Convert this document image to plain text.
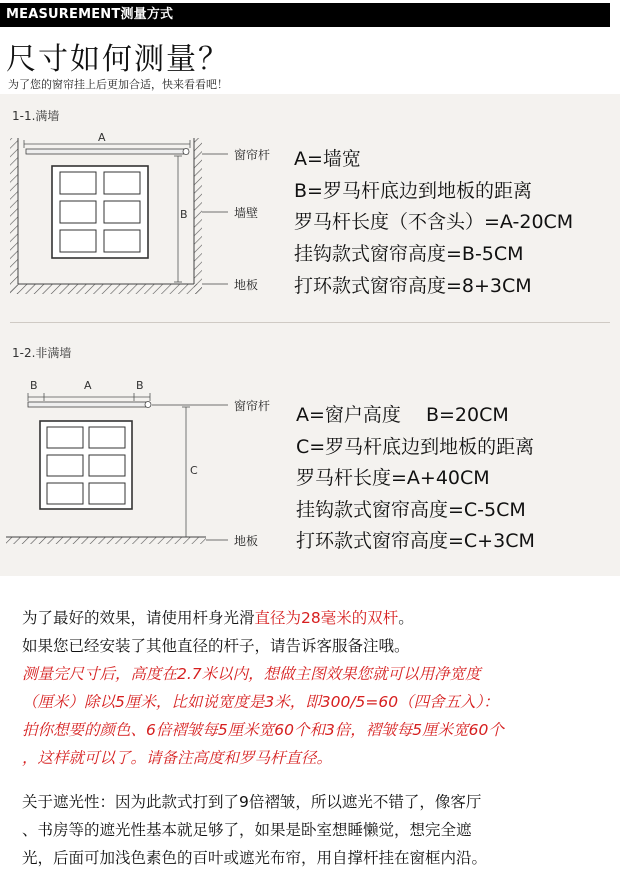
MEASUREMENT测量方式
尺寸如何测量？
为了您的窗帘挂上后更加合适，快来看看吧！
1-1.满墙
A
B
窗帘杆
墙壁
地板
A=墙宽
B=罗马杆底边到地板的距离
罗马杆长度（不含头）=A-20CM
挂钩款式窗帘高度=B-5CM
打环款式窗帘高度=8+3CM
1-2.非满墙
B	A	B
C
窗帘杆
地板
A=窗户高度　 B=20CM
C=罗马杆底边到地板的距离
罗马杆长度=A+40CM
挂钩款式窗帘高度=C-5CM
打环款式窗帘高度=C+3CM
为了最好的效果，请使用杆身光滑直径为28毫米的双杆。
如果您已经安装了其他直径的杆子，请告诉客服备注哦。
测量完尺寸后，高度在2.7米以内，想做主图效果您就可以用净宽度
（厘米）除以5厘米，比如说宽度是3米，即300/5=60（四舍五入）：
拍你想要的颜色、6倍褶皱每5厘米宽60个和3倍，褶皱每5厘米宽60个
，这样就可以了。请备注高度和罗马杆直径。
关于遮光性：因为此款式打到了9倍褶皱，所以遮光不错了，像客厅
、书房等的遮光性基本就足够了，如果是卧室想睡懒觉，想完全遮
光，后面可加浅色素色的百叶或遮光布帘，用自撑杆挂在窗框内沿。
